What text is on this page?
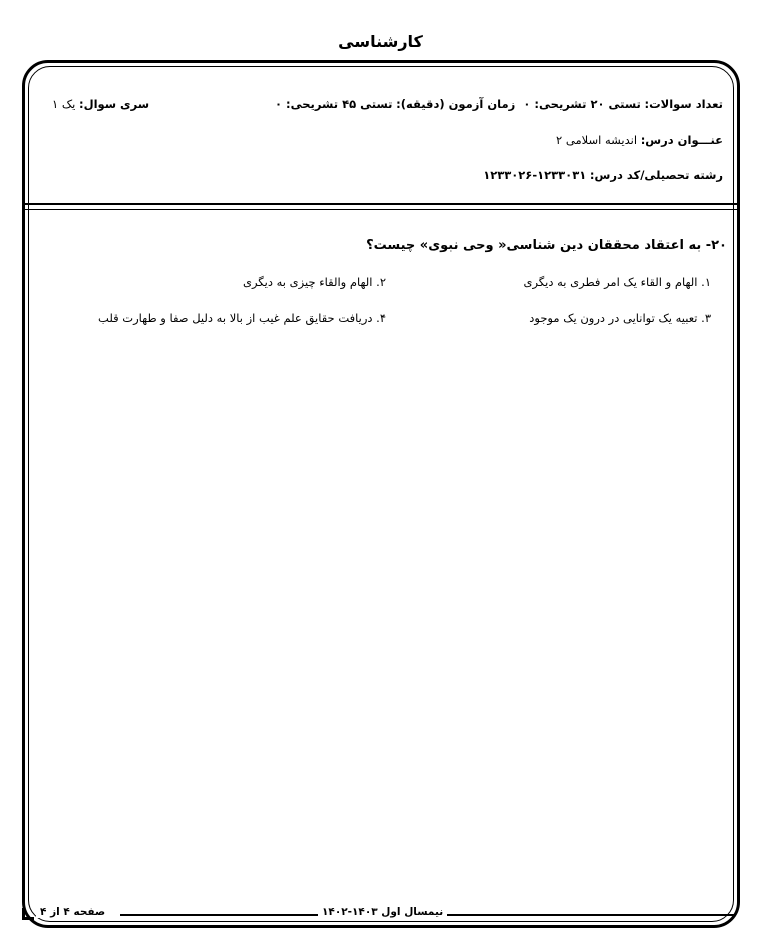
کارشناسی
تعداد سوالات: تستی ۲۰ تشریحی: ۰
زمان آزمون (دقیقه): تستی ۴۵ تشریحی: ۰
سری سوال: یک ۱
عنـــوان درس: اندیشه اسلامی ۲
رشته تحصیلی/کد درس: ۱۲۳۳۰۳۱-۱۲۳۳۰۲۶
۲۰- به اعتقاد محققان دین شناسی« وحی نبوی» چیست؟
۱. الهام و القاء یک امر فطری به دیگری
۲. الهام والقاء چیزی به دیگری
۳. تعبیه یک توانایی در درون یک موجود
۴. دریافت حقایق علم غیب از بالا به دلیل صفا و طهارت قلب
نیمسال اول ۱۴۰۳-۱۴۰۲
صفحه ۴ از ۴
